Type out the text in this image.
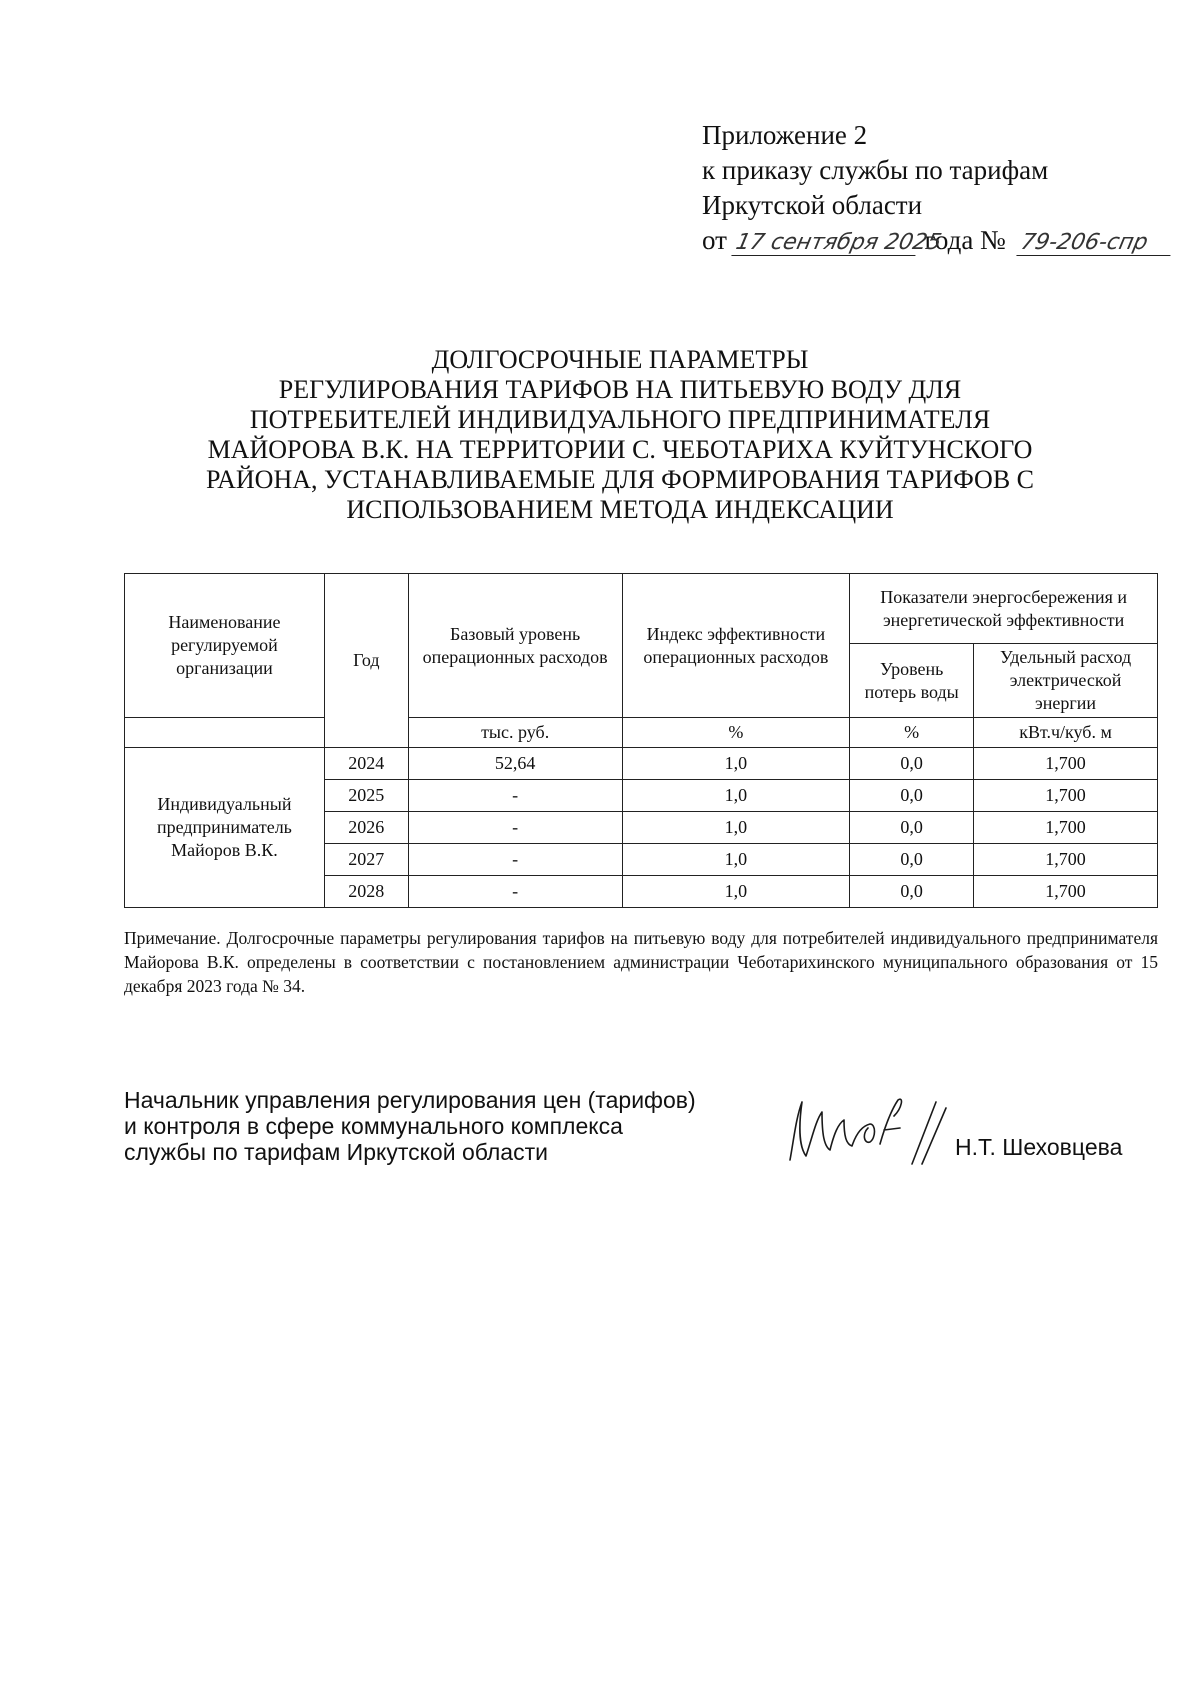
Приложение 2
к приказу службы по тарифам
Иркутской области
от 17 сентября 2025 года № 79-206-спр
ДОЛГОСРОЧНЫЕ ПАРАМЕТРЫ
РЕГУЛИРОВАНИЯ ТАРИФОВ НА ПИТЬЕВУЮ ВОДУ ДЛЯ
ПОТРЕБИТЕЛЕЙ ИНДИВИДУАЛЬНОГО ПРЕДПРИНИМАТЕЛЯ
МАЙОРОВА В.К. НА ТЕРРИТОРИИ С. ЧЕБОТАРИХА КУЙТУНСКОГО
РАЙОНА, УСТАНАВЛИВАЕМЫЕ ДЛЯ ФОРМИРОВАНИЯ ТАРИФОВ С
ИСПОЛЬЗОВАНИЕМ МЕТОДА ИНДЕКСАЦИИ
Наименование регулируемой организации	Год	Базовый уровень операционных расходов	Индекс эффективности операционных расходов	Показатели энергосбережения и энергетической эффективности	
				Уровень потерь воды	Удельный расход электрической энергии
		тыс. руб.	%	%	кВт.ч/куб. м
Индивидуальный предприниматель Майоров В.К.	2024	52,64	1,0	0,0	1,700
	2025	-	1,0	0,0	1,700
	2026	-	1,0	0,0	1,700
	2027	-	1,0	0,0	1,700
	2028	-	1,0	0,0	1,700
Примечание. Долгосрочные параметры регулирования тарифов на питьевую воду для потребителей индивидуального предпринимателя Майорова В.К. определены в соответствии с постановлением администрации Чеботарихинского муниципального образования от 15 декабря 2023 года № 34.
Начальник управления регулирования цен (тарифов)
и контроля в сфере коммунального комплекса
службы по тарифам Иркутской области	Н.Т. Шеховцева
